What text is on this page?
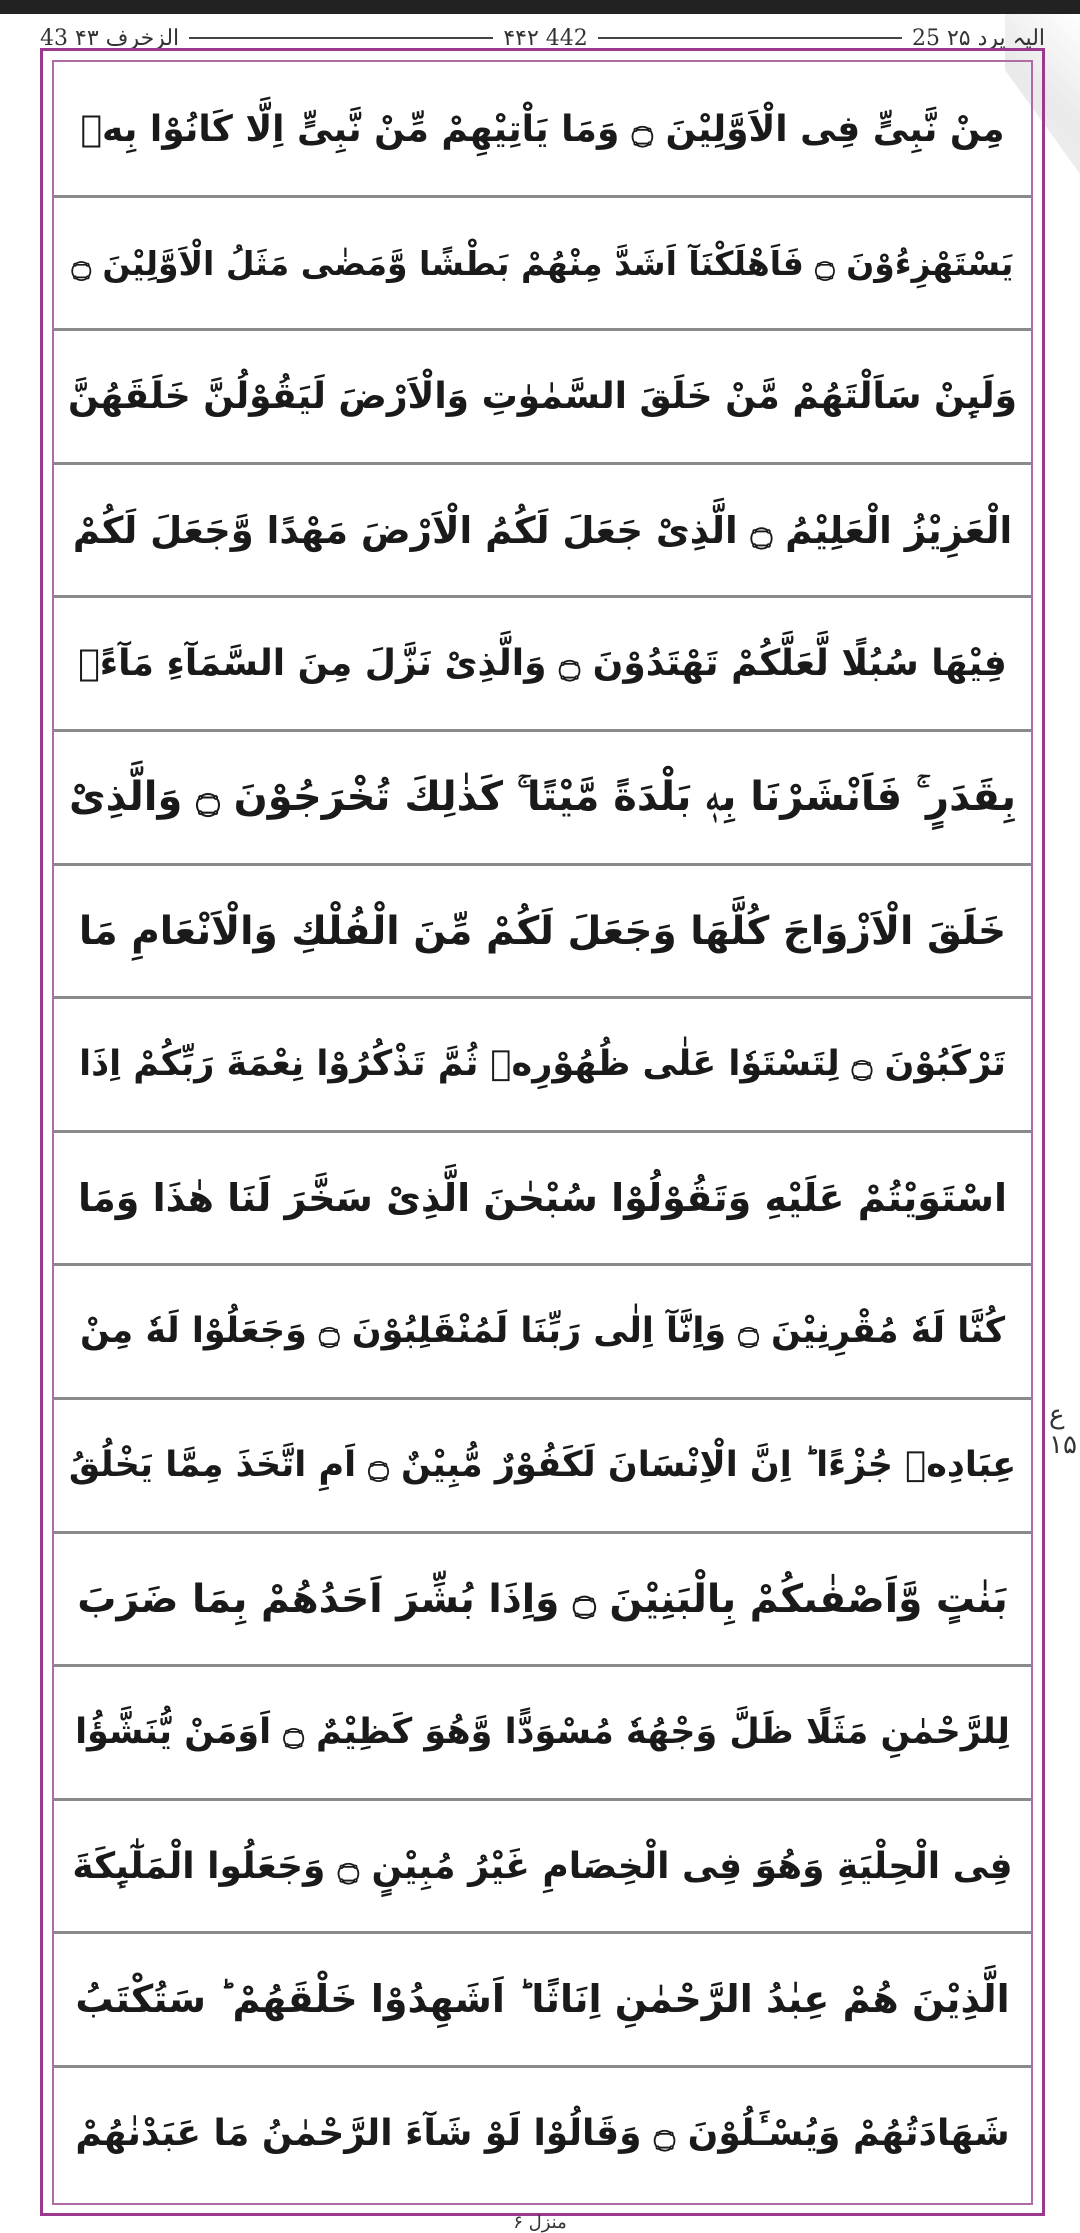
43 الزخرف ۴۳	۴۴۲ 442	25 الیہ یرد ۲۵
مِنْ نَّبِیٍّ فِی الْاَوَّلِیْنَ ۝ وَمَا یَاْتِیْهِمْ مِّنْ نَّبِیٍّ اِلَّا كَانُوْا بِهٖ
یَسْتَهْزِءُوْنَ ۝ فَاَهْلَكْنَآ اَشَدَّ مِنْهُمْ بَطْشًا وَّمَضٰى مَثَلُ الْاَوَّلِیْنَ ۝
وَلَىِٕنْ سَاَلْتَهُمْ مَّنْ خَلَقَ السَّمٰوٰتِ وَالْاَرْضَ لَیَقُوْلُنَّ خَلَقَهُنَّ
الْعَزِیْزُ الْعَلِیْمُ ۝ الَّذِیْ جَعَلَ لَكُمُ الْاَرْضَ مَهْدًا وَّجَعَلَ لَكُمْ
فِیْهَا سُبُلًا لَّعَلَّكُمْ تَهْتَدُوْنَ ۝ وَالَّذِیْ نَزَّلَ مِنَ السَّمَآءِ مَآءًۢ
بِقَدَرٍ ۚ فَاَنْشَرْنَا بِهٖ بَلْدَةً مَّیْتًا ۚ كَذٰلِكَ تُخْرَجُوْنَ ۝ وَالَّذِیْ
خَلَقَ الْاَزْوَاجَ كُلَّهَا وَجَعَلَ لَكُمْ مِّنَ الْفُلْكِ وَالْاَنْعَامِ مَا
تَرْكَبُوْنَ ۝ لِتَسْتَوٗا عَلٰى ظُهُوْرِهٖ ثُمَّ تَذْكُرُوْا نِعْمَةَ رَبِّكُمْ اِذَا
اسْتَوَیْتُمْ عَلَیْهِ وَتَقُوْلُوْا سُبْحٰنَ الَّذِیْ سَخَّرَ لَنَا هٰذَا وَمَا
كُنَّا لَهٗ مُقْرِنِیْنَ ۝ وَاِنَّآ اِلٰى رَبِّنَا لَمُنْقَلِبُوْنَ ۝ وَجَعَلُوْا لَهٗ مِنْ
عِبَادِهٖ جُزْءًا ؕ اِنَّ الْاِنْسَانَ لَكَفُوْرٌ مُّبِیْنٌ ۝ اَمِ اتَّخَذَ مِمَّا یَخْلُقُ
بَنٰتٍ وَّاَصْفٰىكُمْ بِالْبَنِیْنَ ۝ وَاِذَا بُشِّرَ اَحَدُهُمْ بِمَا ضَرَبَ
لِلرَّحْمٰنِ مَثَلًا ظَلَّ وَجْهُهٗ مُسْوَدًّا وَّهُوَ كَظِیْمٌ ۝ اَوَمَنْ یُّنَشَّؤُا
فِی الْحِلْیَةِ وَهُوَ فِی الْخِصَامِ غَیْرُ مُبِیْنٍ ۝ وَجَعَلُوا الْمَلٰٓىِٕكَةَ
الَّذِیْنَ هُمْ عِبٰدُ الرَّحْمٰنِ اِنَاثًا ؕ اَشَهِدُوْا خَلْقَهُمْ ؕ سَتُكْتَبُ
شَهَادَتُهُمْ وَیُسْـَٔلُوْنَ ۝ وَقَالُوْا لَوْ شَآءَ الرَّحْمٰنُ مَا عَبَدْنٰهُمْ
ع ۱۵
منزل ۶
